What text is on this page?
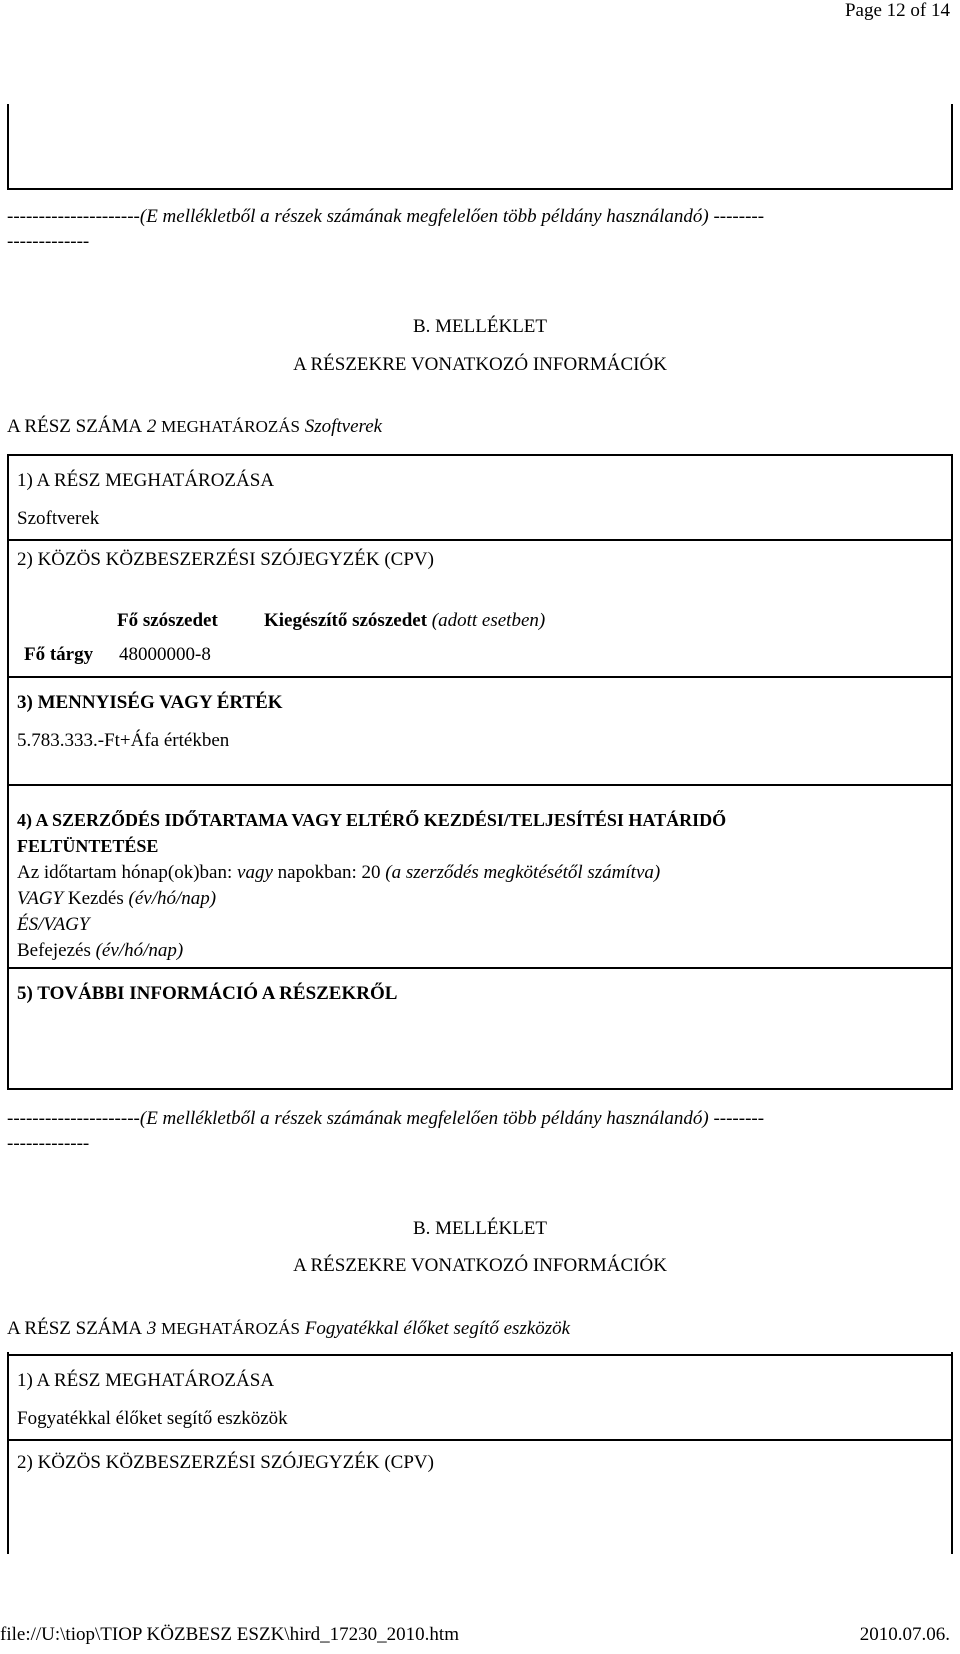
Page 12 of 14
---------------------(E mellékletből a részek számának megfelelően több példány használandó) --------
-------------
B. MELLÉKLET
A RÉSZEKRE VONATKOZÓ INFORMÁCIÓK
A RÉSZ SZÁMA 2 MEGHATÁROZÁS Szoftverek
1) A RÉSZ MEGHATÁROZÁSA
Szoftverek
2) KÖZÖS KÖZBESZERZÉSI SZÓJEGYZÉK (CPV)
Fő szószedet Kiegészítő szószedet (adott esetben)
Fő tárgy 48000000-8
3) MENNYISÉG VAGY ÉRTÉK
5.783.333.-Ft+Áfa értékben
4) A SZERZŐDÉS IDŐTARTAMA VAGY ELTÉRŐ KEZDÉSI/TELJESÍTÉSI HATÁRIDŐ
FELTÜNTETÉSE
Az időtartam hónap(ok)ban: vagy napokban: 20 (a szerződés megkötésétől számítva)
VAGY Kezdés (év/hó/nap)
ÉS/VAGY
Befejezés (év/hó/nap)
5) TOVÁBBI INFORMÁCIÓ A RÉSZEKRŐL
---------------------(E mellékletből a részek számának megfelelően több példány használandó) --------
-------------
B. MELLÉKLET
A RÉSZEKRE VONATKOZÓ INFORMÁCIÓK
A RÉSZ SZÁMA 3 MEGHATÁROZÁS Fogyatékkal élőket segítő eszközök
1) A RÉSZ MEGHATÁROZÁSA
Fogyatékkal élőket segítő eszközök
2) KÖZÖS KÖZBESZERZÉSI SZÓJEGYZÉK (CPV)
file://U:\tiop\TIOP KÖZBESZ ESZK\hird_17230_2010.htm	2010.07.06.
